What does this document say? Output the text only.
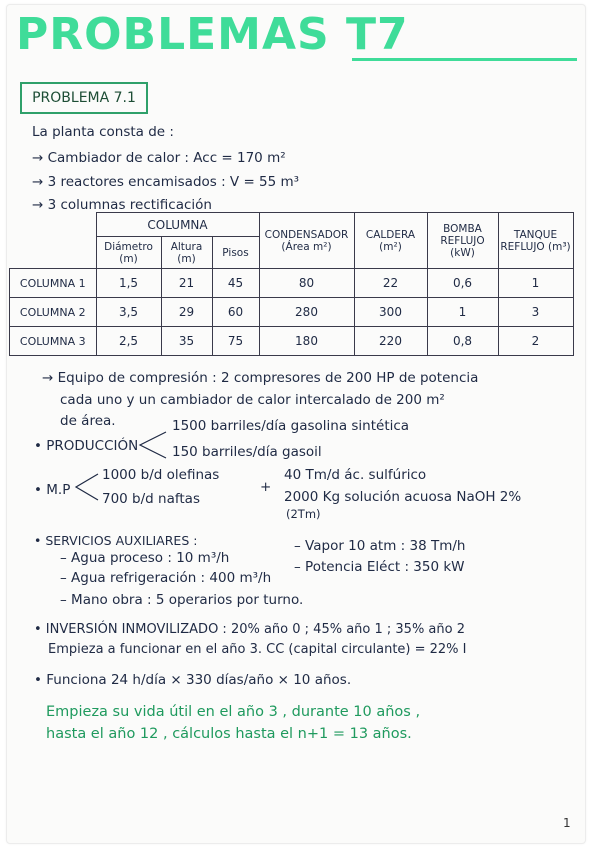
PROBLEMAS T7
PROBLEMA 7.1
La planta consta de :
→ Cambiador de calor : Acc = 170 m²
→ 3 reactores encamisados : V = 55 m³
→ 3 columnas rectificación
	COLUMNA			CONDENSADOR (Área m²)	CALDERA (m²)	BOMBA REFLUJO (kW)	TANQUE REFLUJO (m³)
	Diámetro (m)	Altura (m)	Pisos				
COLUMNA 1	1,5	21	45	80	22	0,6	1
COLUMNA 2	3,5	29	60	280	300	1	3
COLUMNA 3	2,5	35	75	180	220	0,8	2
→ Equipo de compresión : 2 compresores de 200 HP de potencia
cada uno y un cambiador de calor intercalado de 200 m²
de área.
• PRODUCCIÓN
1500 barriles/día gasolina sintética
150 barriles/día gasoil
• M.P
1000 b/d olefinas
700 b/d naftas
+
40 Tm/d ác. sulfúrico
2000 Kg solución acuosa NaOH 2%
(2Tm)
• SERVICIOS AUXILIARES :
– Agua proceso : 10 m³/h
– Vapor 10 atm : 38 Tm/h
– Agua refrigeración : 400 m³/h
– Potencia Eléct : 350 kW
– Mano obra : 5 operarios por turno.
• INVERSIÓN INMOVILIZADO : 20% año 0 ; 45% año 1 ; 35% año 2
Empieza a funcionar en el año 3. CC (capital circulante) = 22% I
• Funciona 24 h/día × 330 días/año × 10 años.
Empieza su vida útil en el año 3 , durante 10 años ,
hasta el año 12 , cálculos hasta el n+1 = 13 años.
1
